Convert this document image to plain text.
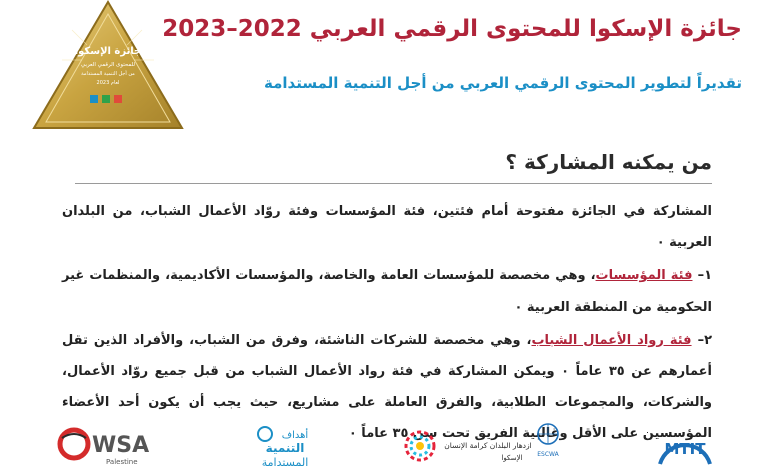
جائزة الإسكوا
للمحتوى الرقمي العربي
من أجل التنمية المستدامة
لعام 2023
جائزة الإسكوا للمحتوى الرقمي العربي 2022–2023
تقديراً لتطوير المحتوى الرقمي العربي من أجل التنمية المستدامة
من يمكنه المشاركة ؟

المشاركة في الجائزة مفتوحة أمام فئتين، فئة المؤسسات وفئة روّاد الأعمال الشباب، من البلدان العربية ٠

١– فئة المؤسسات، وهي مخصصة للمؤسسات العامة والخاصة، والمؤسسات الأكاديمية، والمنظمات غير الحكومية من المنطقة العربية ٠

٢– فئة رواد الأعمال الشباب، وهي مخصصة للشركات الناشئة، وفرق من الشباب، والأفراد الذين تقل أعمارهم عن ٣٥ عاماً ٠ ويمكن المشاركة في فئة رواد الأعمال الشباب من قبل جميع روّاد الأعمال، والشركات، والمجموعات الطلابية، والفرق العاملة على مشاريع، حيث يجب أن يكون أحد الأعضاء المؤسسين على الأقل وغالبية الفريق تحت سن ٣٥ عاماً ٠

WSA
Palestine
أهداف
التنمية
المستدامة
ازدهار البلدان كرامة الإنسان
الإسكوا ESCWA	MTIT
